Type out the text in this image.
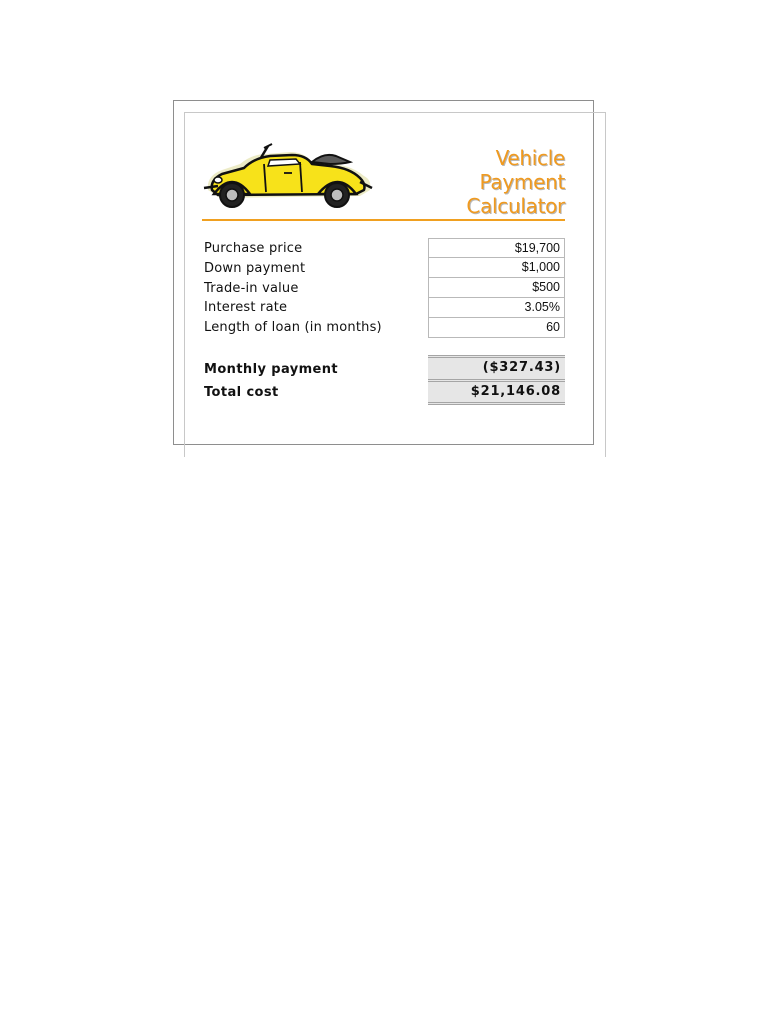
Vehicle
Payment
Calculator
Purchase price
Down payment
Trade-in value
Interest rate
Length of loan (in months)
$19,700
$1,000
$500
3.05%
60
Monthly payment
Total cost
($327.43)
$21,146.08
